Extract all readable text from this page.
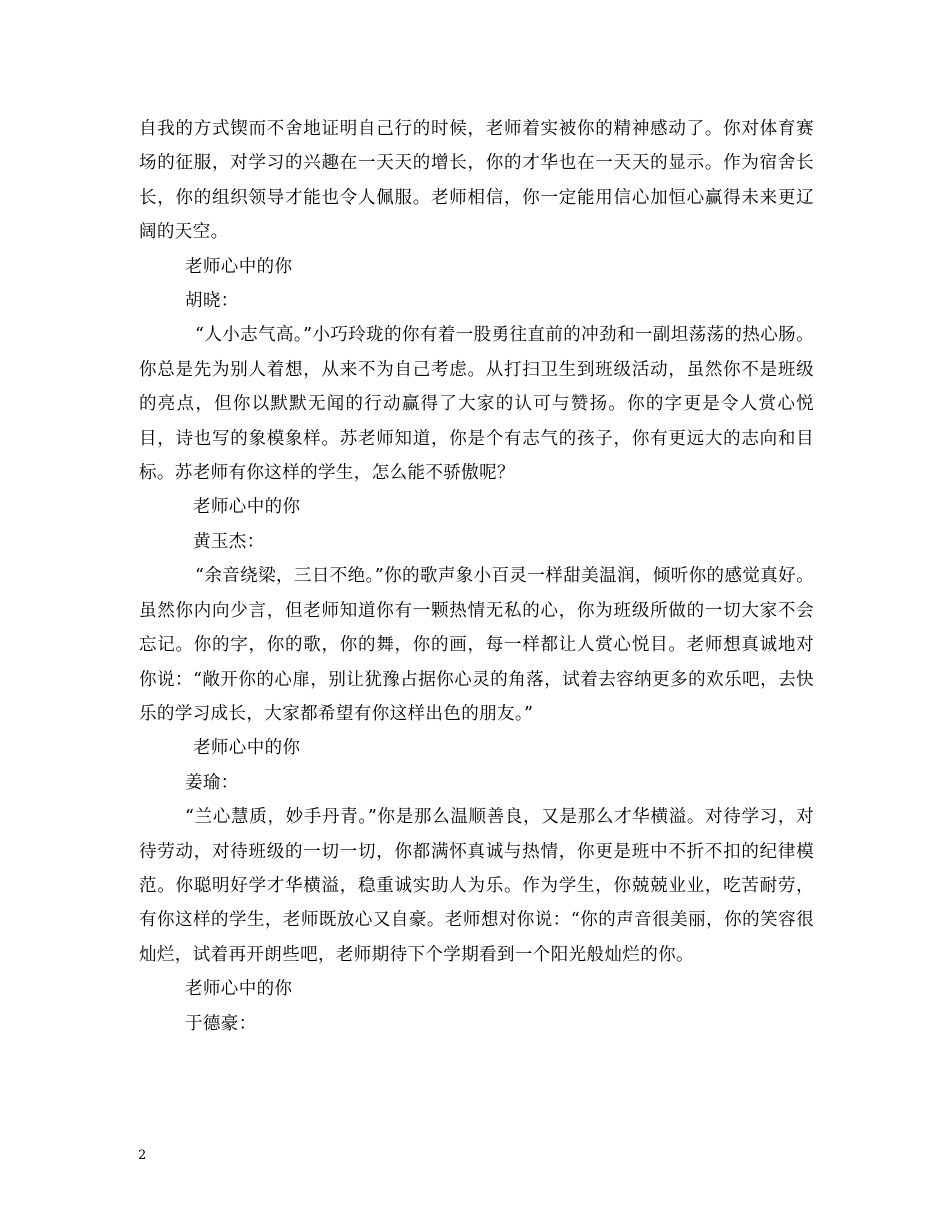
自我的方式锲而不舍地证明自己行的时候，老师着实被你的精神感动了。你对体育赛场的征服，对学习的兴趣在一天天的增长，你的才华也在一天天的显示。作为宿舍长长，你的组织领导才能也令人佩服。老师相信，你一定能用信心加恒心赢得未来更辽阔的天空。

老师心中的你

胡晓：

“人小志气高。”小巧玲珑的你有着一股勇往直前的冲劲和一副坦荡荡的热心肠。你总是先为别人着想，从来不为自己考虑。从打扫卫生到班级活动，虽然你不是班级的亮点，但你以默默无闻的行动赢得了大家的认可与赞扬。你的字更是令人赏心悦目，诗也写的象模象样。苏老师知道，你是个有志气的孩子，你有更远大的志向和目标。苏老师有你这样的学生，怎么能不骄傲呢？

老师心中的你

黄玉杰：

“余音绕梁，三日不绝。”你的歌声象小百灵一样甜美温润，倾听你的感觉真好。虽然你内向少言，但老师知道你有一颗热情无私的心，你为班级所做的一切大家不会忘记。你的字，你的歌，你的舞，你的画，每一样都让人赏心悦目。老师想真诚地对你说：“敞开你的心扉，别让犹豫占据你心灵的角落，试着去容纳更多的欢乐吧，去快乐的学习成长，大家都希望有你这样出色的朋友。”

老师心中的你

姜瑜：

“兰心慧质，妙手丹青。”你是那么温顺善良，又是那么才华横溢。对待学习，对待劳动，对待班级的一切一切，你都满怀真诚与热情，你更是班中不折不扣的纪律模范。你聪明好学才华横溢，稳重诚实助人为乐。作为学生，你兢兢业业，吃苦耐劳，有你这样的学生，老师既放心又自豪。老师想对你说：“你的声音很美丽，你的笑容很灿烂，试着再开朗些吧，老师期待下个学期看到一个阳光般灿烂的你。

老师心中的你

于德豪：

2
